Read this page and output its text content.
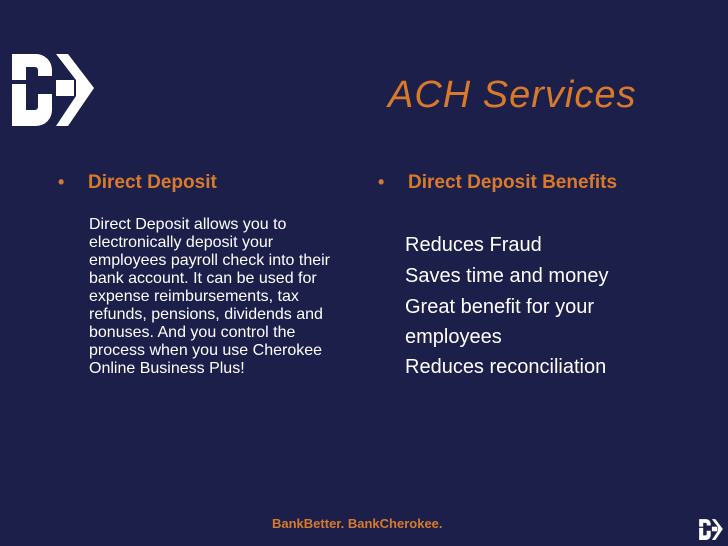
ACH Services
•	Direct Deposit
Direct Deposit allows you to electronically deposit your employees payroll check into their bank account. It can be used for expense reimbursements, tax refunds, pensions, dividends and bonuses. And you control the process when you use Cherokee Online Business Plus!
•	Direct Deposit Benefits
Reduces Fraud
Saves time and money
Great benefit for your employees
Reduces reconciliation
BankBetter. BankCherokee.
